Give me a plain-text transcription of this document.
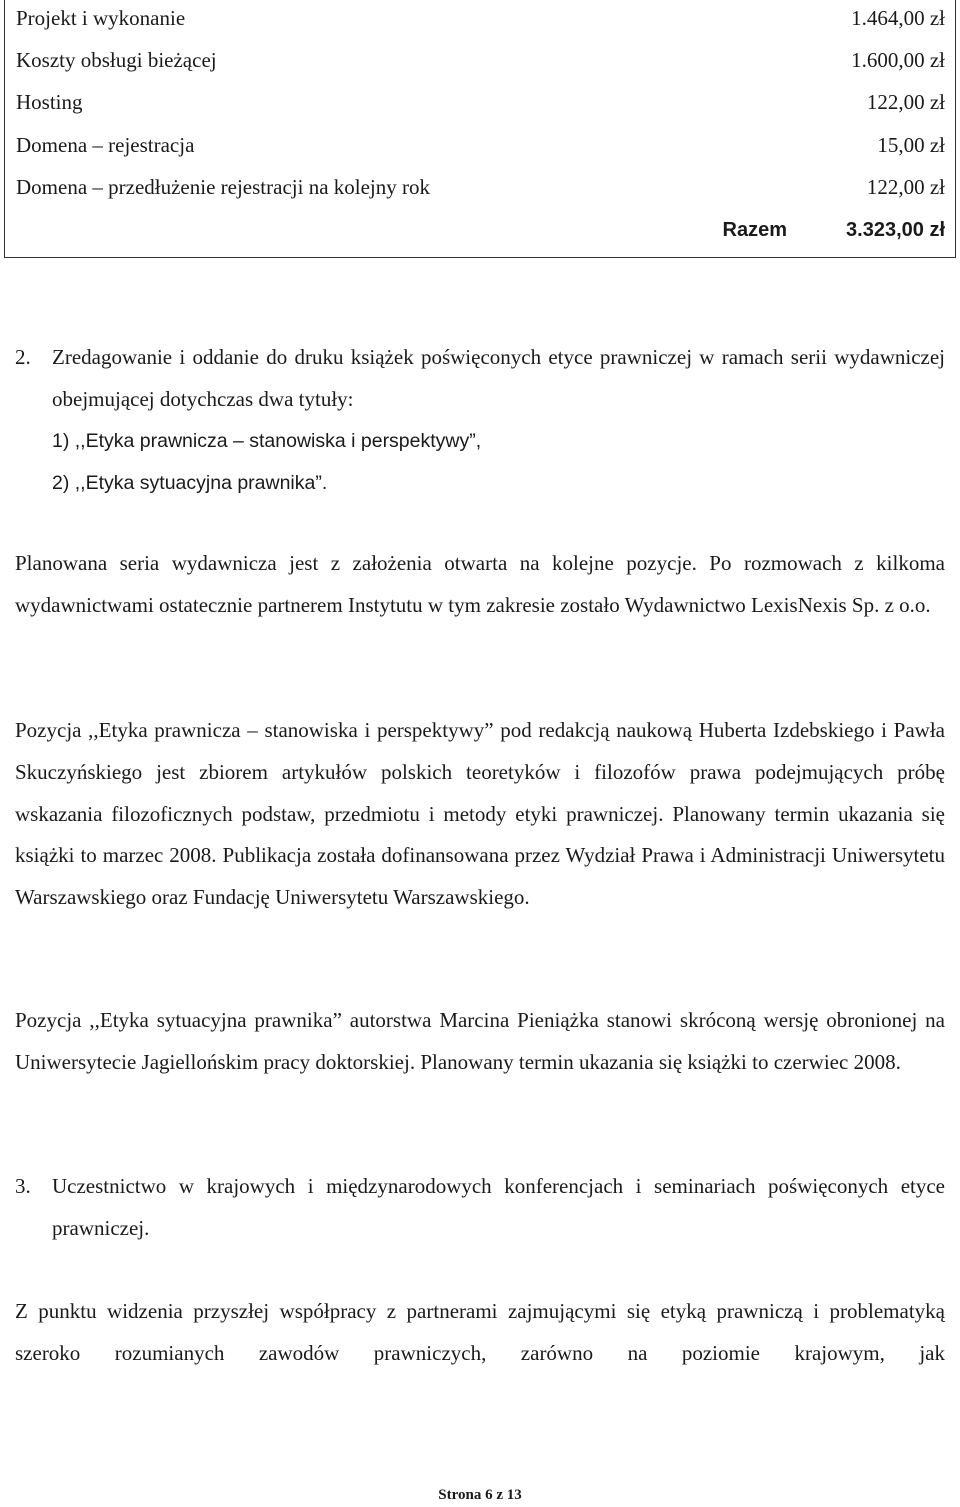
Projekt i wykonanie	1.464,00 zł
Koszty obsługi bieżącej	1.600,00 zł
Hosting	122,00 zł
Domena – rejestracja	15,00 zł
Domena – przedłużenie rejestracji na kolejny rok	122,00 zł
Razem	3.323,00 zł
2. Zredagowanie i oddanie do druku książek poświęconych etyce prawniczej w ramach serii wydawniczej obejmującej dotychczas dwa tytuły:

1) ,,Etyka prawnicza – stanowiska i perspektywy”,
2) ,,Etyka sytuacyjna prawnika”.

Planowana seria wydawnicza jest z założenia otwarta na kolejne pozycje. Po rozmowach z kilkoma wydawnictwami ostatecznie partnerem Instytutu w tym zakresie zostało Wydawnictwo LexisNexis Sp. z o.o.

Pozycja ,,Etyka prawnicza – stanowiska i perspektywy” pod redakcją naukową Huberta Izdebskiego i Pawła Skuczyńskiego jest zbiorem artykułów polskich teoretyków i filozofów prawa podejmujących próbę wskazania filozoficznych podstaw, przedmiotu i metody etyki prawniczej. Planowany termin ukazania się książki to marzec 2008. Publikacja została dofinansowana przez Wydział Prawa i Administracji Uniwersytetu Warszawskiego oraz Fundację Uniwersytetu Warszawskiego.

Pozycja ,,Etyka sytuacyjna prawnika” autorstwa Marcina Pieniążka stanowi skróconą wersję obronionej na Uniwersytecie Jagiellońskim pracy doktorskiej. Planowany termin ukazania się książki to czerwiec 2008.

3. Uczestnictwo w krajowych i międzynarodowych konferencjach i seminariach poświęconych etyce prawniczej.

Z punktu widzenia przyszłej współpracy z partnerami zajmującymi się etyką prawniczą i problematyką szeroko rozumianych zawodów prawniczych, zarówno na poziomie krajowym, jak

Strona 6 z 13
